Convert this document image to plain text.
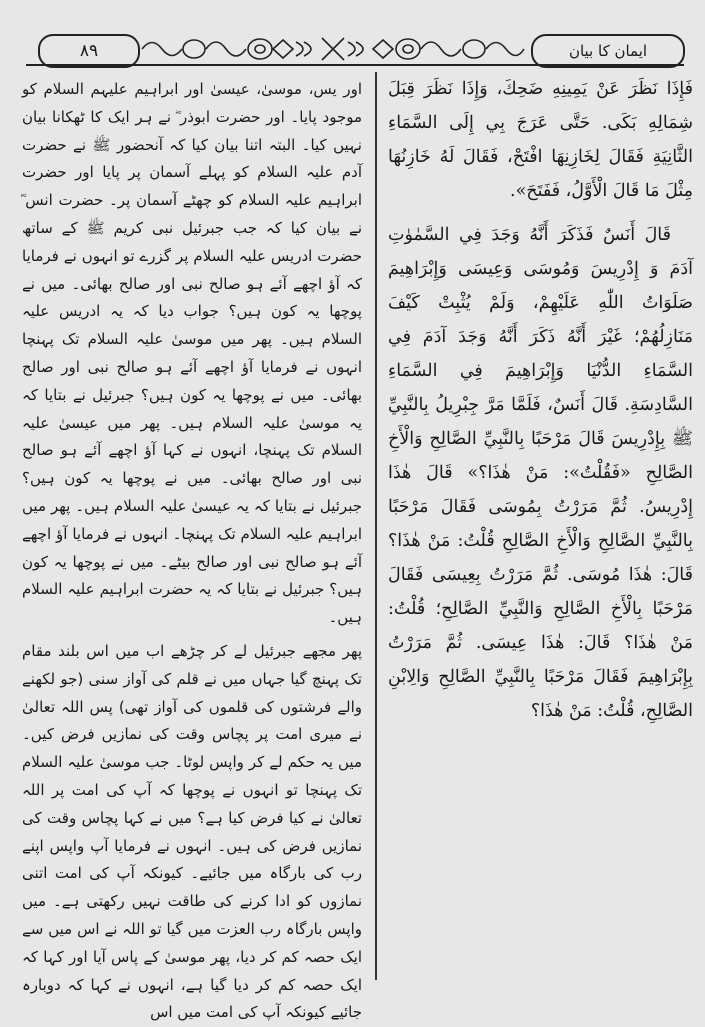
۸۹	ایمان کا بیان

فَإِذَا نَظَرَ عَنْ يَمِينِهِ ضَحِكَ، وَإِذَا نَظَرَ قِبَلَ شِمَالِهِ بَكَى. حَتَّى عَرَجَ بِي إِلَى السَّمَاءِ الثَّانِيَةِ فَقَالَ لِخَازِنِهَا افْتَحْ، فَقَالَ لَهُ خَازِنُهَا مِثْلَ مَا قَالَ الْأَوَّلُ، فَفَتَحَ».

قَالَ أَنَسٌ فَذَكَرَ أَنَّهُ وَجَدَ فِي السَّمٰوٰتِ آدَمَ وَ إِدْرِيسَ وَمُوسَى وَعِيسَى وَإِبْرَاهِيمَ صَلَوَاتُ اللّٰهِ عَلَيْهِمْ، وَلَمْ يُثْبِتْ كَيْفَ مَنَازِلُهُمْ؛ غَيْرَ أَنَّهُ ذَكَرَ أَنَّهُ وَجَدَ آدَمَ فِي السَّمَاءِ الدُّنْيَا وَإِبْرَاهِيمَ فِي السَّمَاءِ السَّادِسَةِ. قَالَ أَنَسٌ، فَلَمَّا مَرَّ جِبْرِيلُ بِالنَّبِيِّ ﷺ بِإِدْرِيسَ قَالَ مَرْحَبًا بِالنَّبِيِّ الصَّالِحِ وَالْأَخِ الصَّالِحِ «فَقُلْتُ»: مَنْ هٰذَا؟» قَالَ هٰذَا إِدْرِيسُ. ثُمَّ مَرَرْتُ بِمُوسَى فَقَالَ مَرْحَبًا بِالنَّبِيِّ الصَّالِحِ وَالْأَخِ الصَّالِحِ قُلْتُ: مَنْ هٰذَا؟ قَالَ: هٰذَا مُوسَى. ثُمَّ مَرَرْتُ بِعِيسَى فَقَالَ مَرْحَبًا بِالْأَخِ الصَّالِحِ وَالنَّبِيِّ الصَّالِحِ؛ قُلْتُ: مَنْ هٰذَا؟ قَالَ: هٰذَا عِيسَى. ثُمَّ مَرَرْتُ بِإِبْرَاهِيمَ فَقَالَ مَرْحَبًا بِالنَّبِيِّ الصَّالِحِ وَالِابْنِ الصَّالِحِ، قُلْتُ: مَنْ هٰذَا؟

اور یس، موسیٰ، عیسیٰ اور ابراہیم علیہم السلام کو موجود پایا۔ اور حضرت ابوذر ؓ نے ہر ایک کا ٹھکانا بیان نہیں کیا۔ البتہ اتنا بیان کیا کہ آنحضور ﷺ نے حضرت آدم علیہ السلام کو پہلے آسمان پر پایا اور حضرت ابراہیم علیہ السلام کو چھٹے آسمان پر۔ حضرت انس ؓ نے بیان کیا کہ جب جبرئیل نبی کریم ﷺ کے ساتھ حضرت ادریس علیہ السلام پر گزرے تو انہوں نے فرمایا کہ آؤ اچھے آئے ہو صالح نبی اور صالح بھائی۔ میں نے پوچھا یہ کون ہیں؟ جواب دیا کہ یہ ادریس علیہ السلام ہیں۔ پھر میں موسیٰ علیہ السلام تک پہنچا انہوں نے فرمایا آؤ اچھے آئے ہو صالح نبی اور صالح بھائی۔ میں نے پوچھا یہ کون ہیں؟ جبرئیل نے بتایا کہ یہ موسیٰ علیہ السلام ہیں۔ پھر میں عیسیٰ علیہ السلام تک پہنچا، انہوں نے کہا آؤ اچھے آئے ہو صالح نبی اور صالح بھائی۔ میں نے پوچھا یہ کون ہیں؟ جبرئیل نے بتایا کہ یہ عیسیٰ علیہ السلام ہیں۔ پھر میں ابراہیم علیہ السلام تک پہنچا۔ انہوں نے فرمایا آؤ اچھے آئے ہو صالح نبی اور صالح بیٹے۔ میں نے پوچھا یہ کون ہیں؟ جبرئیل نے بتایا کہ یہ حضرت ابراہیم علیہ السلام ہیں۔

پھر مجھے جبرئیل لے کر چڑھے اب میں اس بلند مقام تک پہنچ گیا جہاں میں نے قلم کی آواز سنی (جو لکھنے والے فرشتوں کی قلموں کی آواز تھی) پس اللہ تعالیٰ نے میری امت پر پچاس وقت کی نمازیں فرض کیں۔ میں یہ حکم لے کر واپس لوٹا۔ جب موسیٰ علیہ السلام تک پہنچا تو انہوں نے پوچھا کہ آپ کی امت پر اللہ تعالیٰ نے کیا فرض کیا ہے؟ میں نے کہا پچاس وقت کی نمازیں فرض کی ہیں۔ انہوں نے فرمایا آپ واپس اپنے رب کی بارگاہ میں جائیے۔ کیونکہ آپ کی امت اتنی نمازوں کو ادا کرنے کی طاقت نہیں رکھتی ہے۔ میں واپس بارگاہ رب العزت میں گیا تو اللہ نے اس میں سے ایک حصہ کم کر دیا، پھر موسیٰ کے پاس آیا اور کہا کہ ایک حصہ کم کر دیا گیا ہے، انہوں نے کہا کہ دوبارہ جائیے کیونکہ آپ کی امت میں اس
